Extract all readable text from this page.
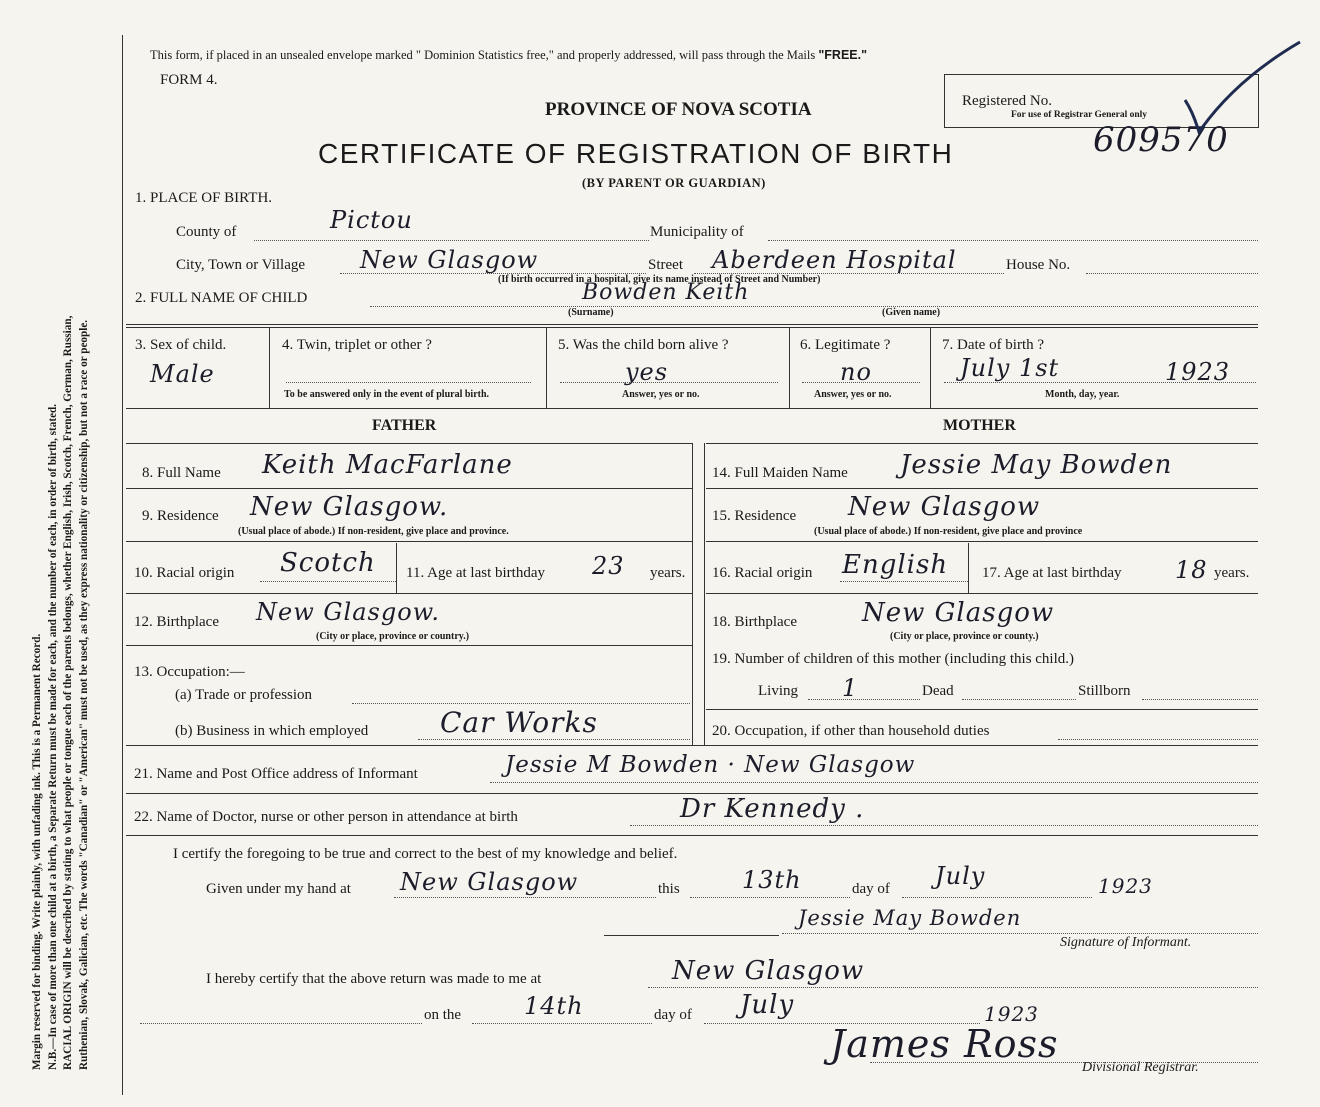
Margin reserved for binding. Write plainly, with unfading ink. This is a Permanent Record. N.B.—In case of more than one child at a birth, a Separate Return must be made for each, and the number of each, in order of birth, stated. RACIAL ORIGIN will be described by stating to what people or tongue each of the parents belongs, whether English, Irish, Scotch, French, German, Russian, Ruthenian, Slovak, Galician, etc. The words "Canadian" or "American" must not be used, as they express nationality or citizenship, but not a race or people.
This form, if placed in an unsealed envelope marked " Dominion Statistics free," and properly addressed, will pass through the Mails "FREE."
FORM 4.
PROVINCE OF NOVA SCOTIA
CERTIFICATE OF REGISTRATION OF BIRTH
(BY PARENT OR GUARDIAN)
Registered No.
For use of Registrar General only
609570
1. PLACE OF BIRTH.
County of	Pictou	Municipality of
City, Town or Village New Glasgow	Street Aberdeen Hospital	House No.
(If birth occurred in a hospital, give its name instead of Street and Number)
2. FULL NAME OF CHILD	Bowden Keith
(Surname)	(Given name)
3. Sex of child.
Male
4. Twin, triplet or other ?
To be answered only in the event of plural birth.
5. Was the child born alive ?
yes
Answer, yes or no.
6. Legitimate ?
no
Answer, yes or no.
7. Date of birth ?
July 1st	1923
Month, day, year.
FATHER	MOTHER
8. Full Name Keith MacFarlane
9. Residence New Glasgow.
(Usual place of abode.) If non-resident, give place and province.
10. Racial origin Scotch 11. Age at last birthday 23 years.
12. Birthplace New Glasgow.
(City or place, province or country.)
13. Occupation:—
(a) Trade or profession
(b) Business in which employed	Car Works
14. Full Maiden Name Jessie May Bowden
15. Residence New Glasgow
(Usual place of abode.) If non-resident, give place and province
16. Racial origin English 17. Age at last birthday 18 years.
18. Birthplace	New Glasgow
(City or place, province or county.)
19. Number of children of this mother (including this child.)
Living 1	Dead	Stillborn
20. Occupation, if other than household duties
21. Name and Post Office address of Informant	Jessie M Bowden · New Glasgow
22. Name of Doctor, nurse or other person in attendance at birth	Dr Kennedy .
I certify the foregoing to be true and correct to the best of my knowledge and belief.
Given under my hand at New Glasgow	this	13th	day of July	1923
Jessie May Bowden
Signature of Informant.
I hereby certify that the above return was made to me at	New Glasgow
on the	14th	day of July	1923
James Ross
Divisional Registrar.
